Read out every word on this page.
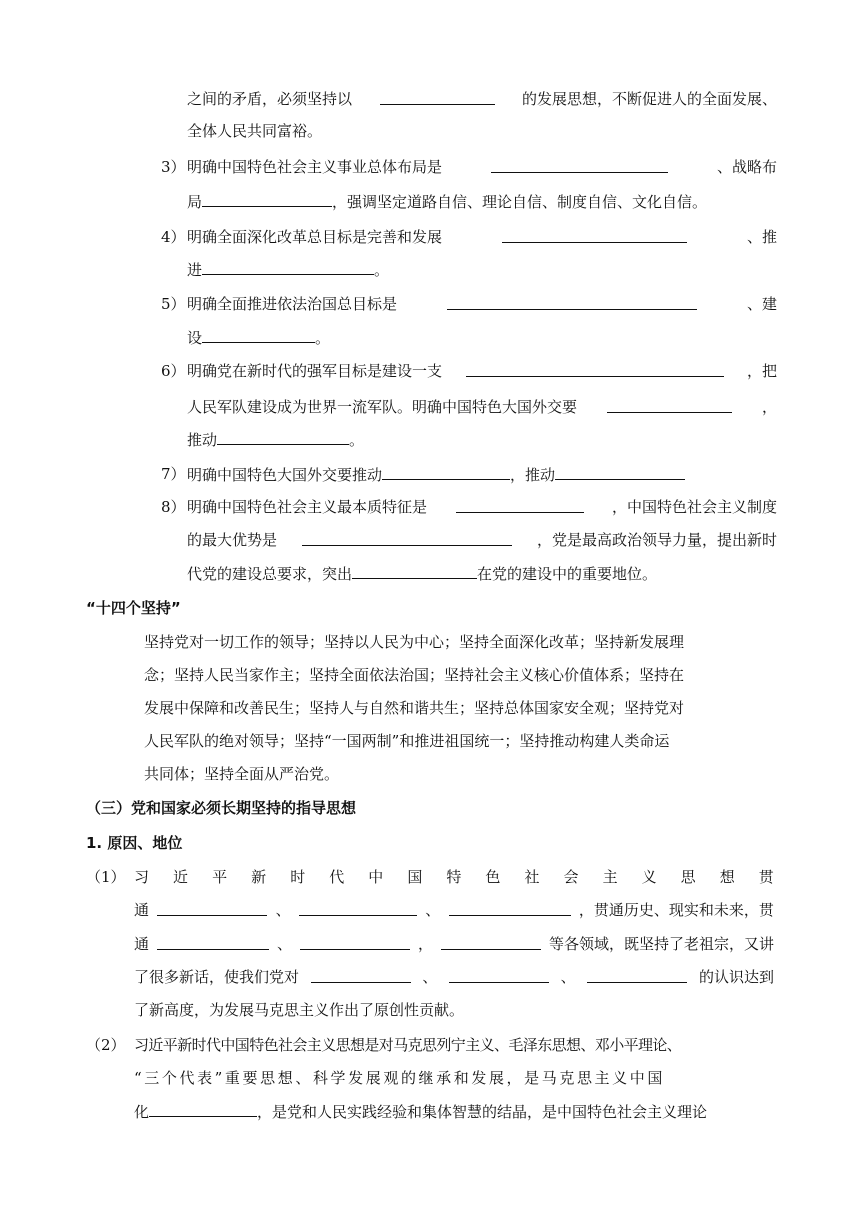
之间的矛盾，必须坚持以	的发展思想，不断促进人的全面发展、
全体人民共同富裕。
3） 明确中国特色社会主义事业总体布局是	、战略布
局	，强调坚定道路自信、理论自信、制度自信、文化自信。
4） 明确全面深化改革总目标是完善和发展	、推
进	。
5） 明确全面推进依法治国总目标是	、建
设	。
6） 明确党在新时代的强军目标是建设一支	，把
人民军队建设成为世界一流军队。明确中国特色大国外交要	，
推动	。
7） 明确中国特色大国外交要推动	，推动
8） 明确中国特色社会主义最本质特征是	，中国特色社会主义制度
的最大优势是	，党是最高政治领导力量，提出新时
代党的建设总要求，突出	在党的建设中的重要地位。
“十四个坚持”
坚持党对一切工作的领导；坚持以人民为中心；坚持全面深化改革；坚持新发展理
念；坚持人民当家作主；坚持全面依法治国；坚持社会主义核心价值体系；坚持在
发展中保障和改善民生；坚持人与自然和谐共生；坚持总体国家安全观；坚持党对
人民军队的绝对领导；坚持“一国两制”和推进祖国统一；坚持推动构建人类命运
共同体；坚持全面从严治党。
（三）党和国家必须长期坚持的指导思想
1. 原因、地位
（1） 习 近 平 新 时 代 中 国 特 色 社 会 主 义 思 想 贯
通	、	、	，贯通历史、现实和未来，贯
通	、	，	等各领域，既坚持了老祖宗，又讲
了很多新话，使我们党对	、	、	的认识达到
了新高度，为发展马克思主义作出了原创性贡献。
（2） 习近平新时代中国特色社会主义思想是对马克思列宁主义、毛泽东思想、邓小平理论、
“三个代表”重要思想、科学发展观的继承和发展，是马克思主义中国
化	，是党和人民实践经验和集体智慧的结晶，是中国特色社会主义理论
